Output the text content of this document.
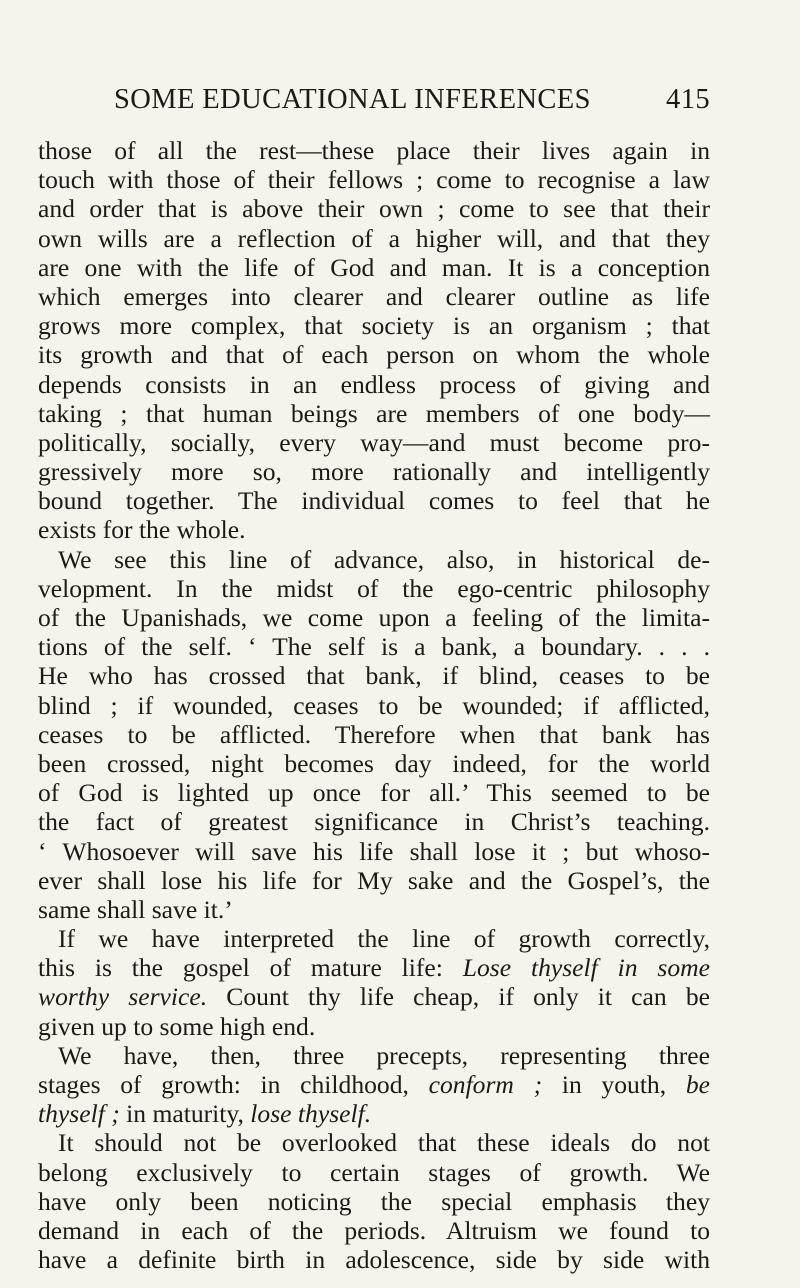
SOME EDUCATIONAL INFERENCES	415
those of all the rest—these place their lives again in
touch with those of their fellows ; come to recognise a law
and order that is above their own ; come to see that their
own wills are a reflection of a higher will, and that they
are one with the life of God and man. It is a conception
which emerges into clearer and clearer outline as life
grows more complex, that society is an organism ; that
its growth and that of each person on whom the whole
depends consists in an endless process of giving and
taking ; that human beings are members of one body—
politically, socially, every way—and must become pro-
gressively more so, more rationally and intelligently
bound together. The individual comes to feel that he
exists for the whole.
We see this line of advance, also, in historical de-
velopment. In the midst of the ego-centric philosophy
of the Upanishads, we come upon a feeling of the limita-
tions of the self. ‘ The self is a bank, a boundary. . . .
He who has crossed that bank, if blind, ceases to be
blind ; if wounded, ceases to be wounded; if afflicted,
ceases to be afflicted. Therefore when that bank has
been crossed, night becomes day indeed, for the world
of God is lighted up once for all.’ This seemed to be
the fact of greatest significance in Christ’s teaching.
‘ Whosoever will save his life shall lose it ; but whoso-
ever shall lose his life for My sake and the Gospel’s, the
same shall save it.’
If we have interpreted the line of growth correctly,
this is the gospel of mature life: Lose thyself in some
worthy service. Count thy life cheap, if only it can be
given up to some high end.
We have, then, three precepts, representing three
stages of growth: in childhood, conform ; in youth, be
thyself ; in maturity, lose thyself.
It should not be overlooked that these ideals do not
belong exclusively to certain stages of growth. We
have only been noticing the special emphasis they
demand in each of the periods. Altruism we found to
have a definite birth in adolescence, side by side with
